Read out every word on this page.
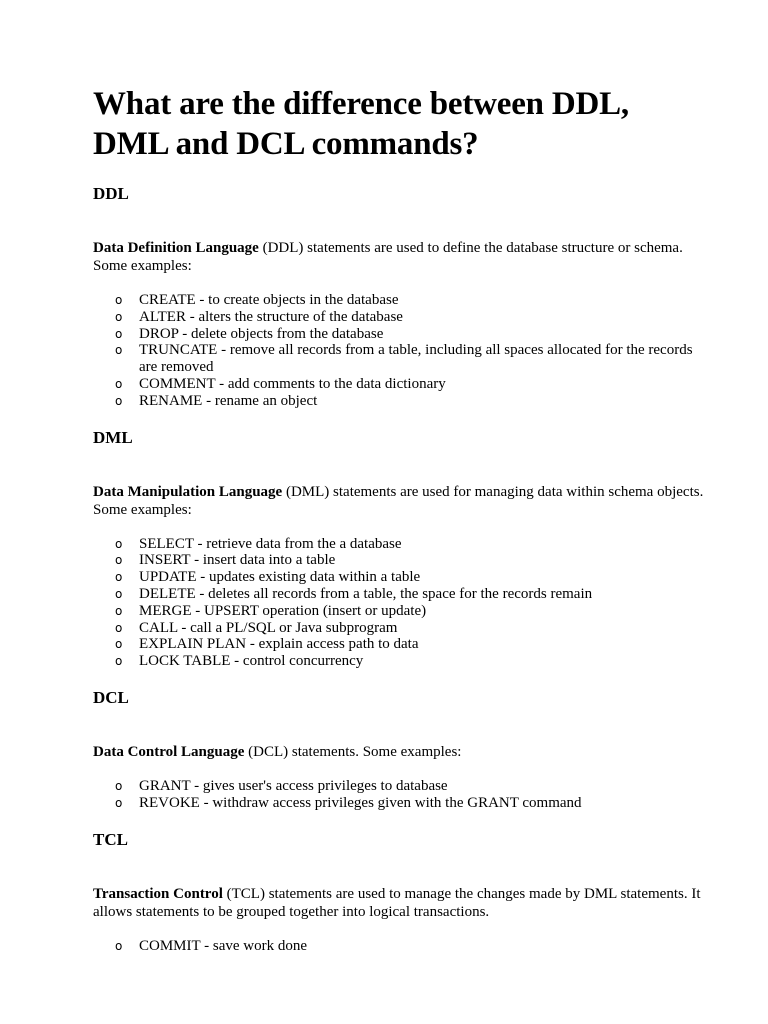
What are the difference between DDL, DML and DCL commands?
DDL

Data Definition Language (DDL) statements are used to define the database structure or schema. Some examples:

o CREATE - to create objects in the database
o ALTER - alters the structure of the database
o DROP - delete objects from the database
o TRUNCATE - remove all records from a table, including all spaces allocated for the records are removed
o COMMENT - add comments to the data dictionary
o RENAME - rename an object
DML

Data Manipulation Language (DML) statements are used for managing data within schema objects. Some examples:

o SELECT - retrieve data from the a database
o INSERT - insert data into a table
o UPDATE - updates existing data within a table
o DELETE - deletes all records from a table, the space for the records remain
o MERGE - UPSERT operation (insert or update)
o CALL - call a PL/SQL or Java subprogram
o EXPLAIN PLAN - explain access path to data
o LOCK TABLE - control concurrency
DCL

Data Control Language (DCL) statements. Some examples:

o GRANT - gives user's access privileges to database
o REVOKE - withdraw access privileges given with the GRANT command
TCL

Transaction Control (TCL) statements are used to manage the changes made by DML statements. It allows statements to be grouped together into logical transactions.

o COMMIT - save work done
